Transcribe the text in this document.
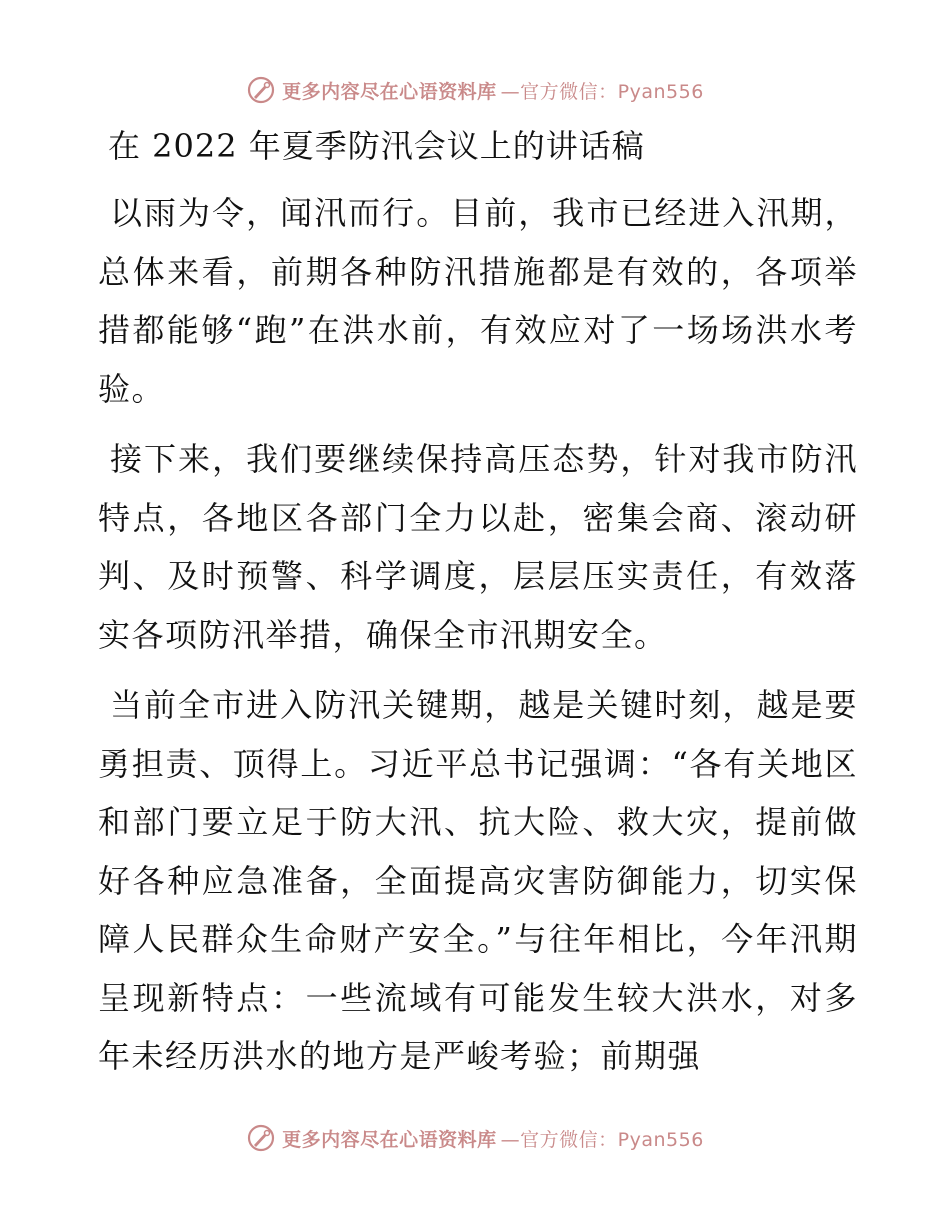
更多内容尽在心语资料库 —官方微信：Pyan556
在 2022 年夏季防汛会议上的讲话稿

以雨为令，闻汛而行。目前，我市已经进入汛期，总体来看，前期各种防汛措施都是有效的，各项举措都能够“跑”在洪水前，有效应对了一场场洪水考验。

接下来，我们要继续保持高压态势，针对我市防汛特点，各地区各部门全力以赴，密集会商、滚动研判、及时预警、科学调度，层层压实责任，有效落实各项防汛举措，确保全市汛期安全。

当前全市进入防汛关键期，越是关键时刻，越是要勇担责、顶得上。习近平总书记强调：“各有关地区和部门要立足于防大汛、抗大险、救大灾，提前做好各种应急准备，全面提高灾害防御能力，切实保障人民群众生命财产安全。”与往年相比，今年汛期呈现新特点：一些流域有可能发生较大洪水，对多年未经历洪水的地方是严峻考验；前期强

更多内容尽在心语资料库 —官方微信：Pyan556
